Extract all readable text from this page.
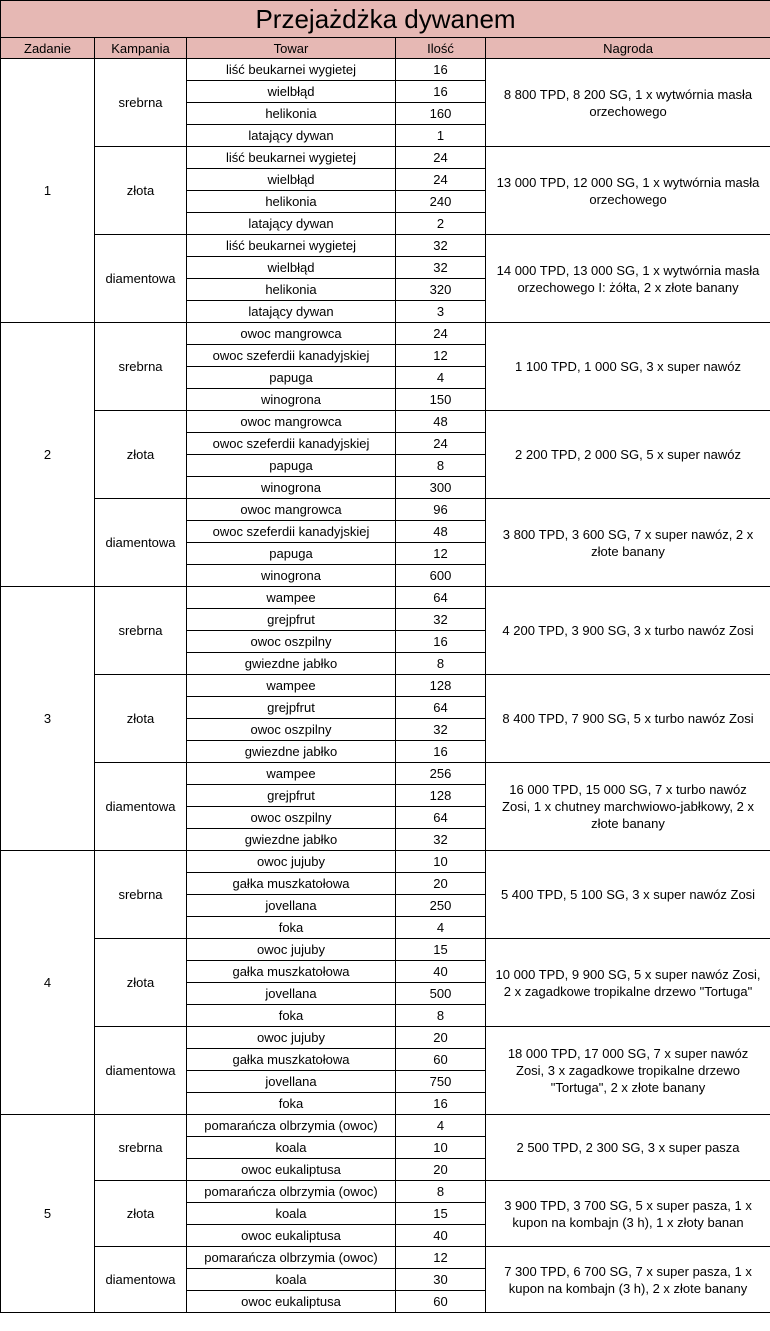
Przejażdżka dywanem				
Zadanie	Kampania	Towar	Ilość	Nagroda
1	srebrna	liść beukarnei wygietej	16	8 800 TPD, 8 200 SG, 1 x wytwórnia masła orzechowego
		wielbłąd	16	
		helikonia	160	
		latający dywan	1	
	złota	liść beukarnei wygietej	24	13 000 TPD, 12 000 SG, 1 x wytwórnia masła orzechowego
		wielbłąd	24	
		helikonia	240	
		latający dywan	2	
	diamentowa	liść beukarnei wygietej	32	14 000 TPD, 13 000 SG, 1 x wytwórnia masła orzechowego I: żółta, 2 x złote banany
		wielbłąd	32	
		helikonia	320	
		latający dywan	3	
2	srebrna	owoc mangrowca	24	1 100 TPD, 1 000 SG, 3 x super nawóz
		owoc szeferdii kanadyjskiej	12	
		papuga	4	
		winogrona	150	
	złota	owoc mangrowca	48	2 200 TPD, 2 000 SG, 5 x super nawóz
		owoc szeferdii kanadyjskiej	24	
		papuga	8	
		winogrona	300	
	diamentowa	owoc mangrowca	96	3 800 TPD, 3 600 SG, 7 x super nawóz, 2 x złote banany
		owoc szeferdii kanadyjskiej	48	
		papuga	12	
		winogrona	600	
3	srebrna	wampee	64	4 200 TPD, 3 900 SG, 3 x turbo nawóz Zosi
		grejpfrut	32	
		owoc oszpilny	16	
		gwiezdne jabłko	8	
	złota	wampee	128	8 400 TPD, 7 900 SG, 5 x turbo nawóz Zosi
		grejpfrut	64	
		owoc oszpilny	32	
		gwiezdne jabłko	16	
	diamentowa	wampee	256	16 000 TPD, 15 000 SG, 7 x turbo nawóz Zosi, 1 x chutney marchwiowo-jabłkowy, 2 x złote banany
		grejpfrut	128	
		owoc oszpilny	64	
		gwiezdne jabłko	32	
4	srebrna	owoc jujuby	10	5 400 TPD, 5 100 SG, 3 x super nawóz Zosi
		gałka muszkatołowa	20	
		jovellana	250	
		foka	4	
	złota	owoc jujuby	15	10 000 TPD, 9 900 SG, 5 x super nawóz Zosi, 2 x zagadkowe tropikalne drzewo "Tortuga"
		gałka muszkatołowa	40	
		jovellana	500	
		foka	8	
	diamentowa	owoc jujuby	20	18 000 TPD, 17 000 SG, 7 x super nawóz Zosi, 3 x zagadkowe tropikalne drzewo "Tortuga", 2 x złote banany
		gałka muszkatołowa	60	
		jovellana	750	
		foka	16	
5	srebrna	pomarańcza olbrzymia (owoc)	4	2 500 TPD, 2 300 SG, 3 x super pasza
		koala	10	
		owoc eukaliptusa	20	
	złota	pomarańcza olbrzymia (owoc)	8	3 900 TPD, 3 700 SG, 5 x super pasza, 1 x kupon na kombajn (3 h), 1 x złoty banan
		koala	15	
		owoc eukaliptusa	40	
	diamentowa	pomarańcza olbrzymia (owoc)	12	7 300 TPD, 6 700 SG, 7 x super pasza, 1 x kupon na kombajn (3 h), 2 x złote banany
		koala	30	
		owoc eukaliptusa	60	
